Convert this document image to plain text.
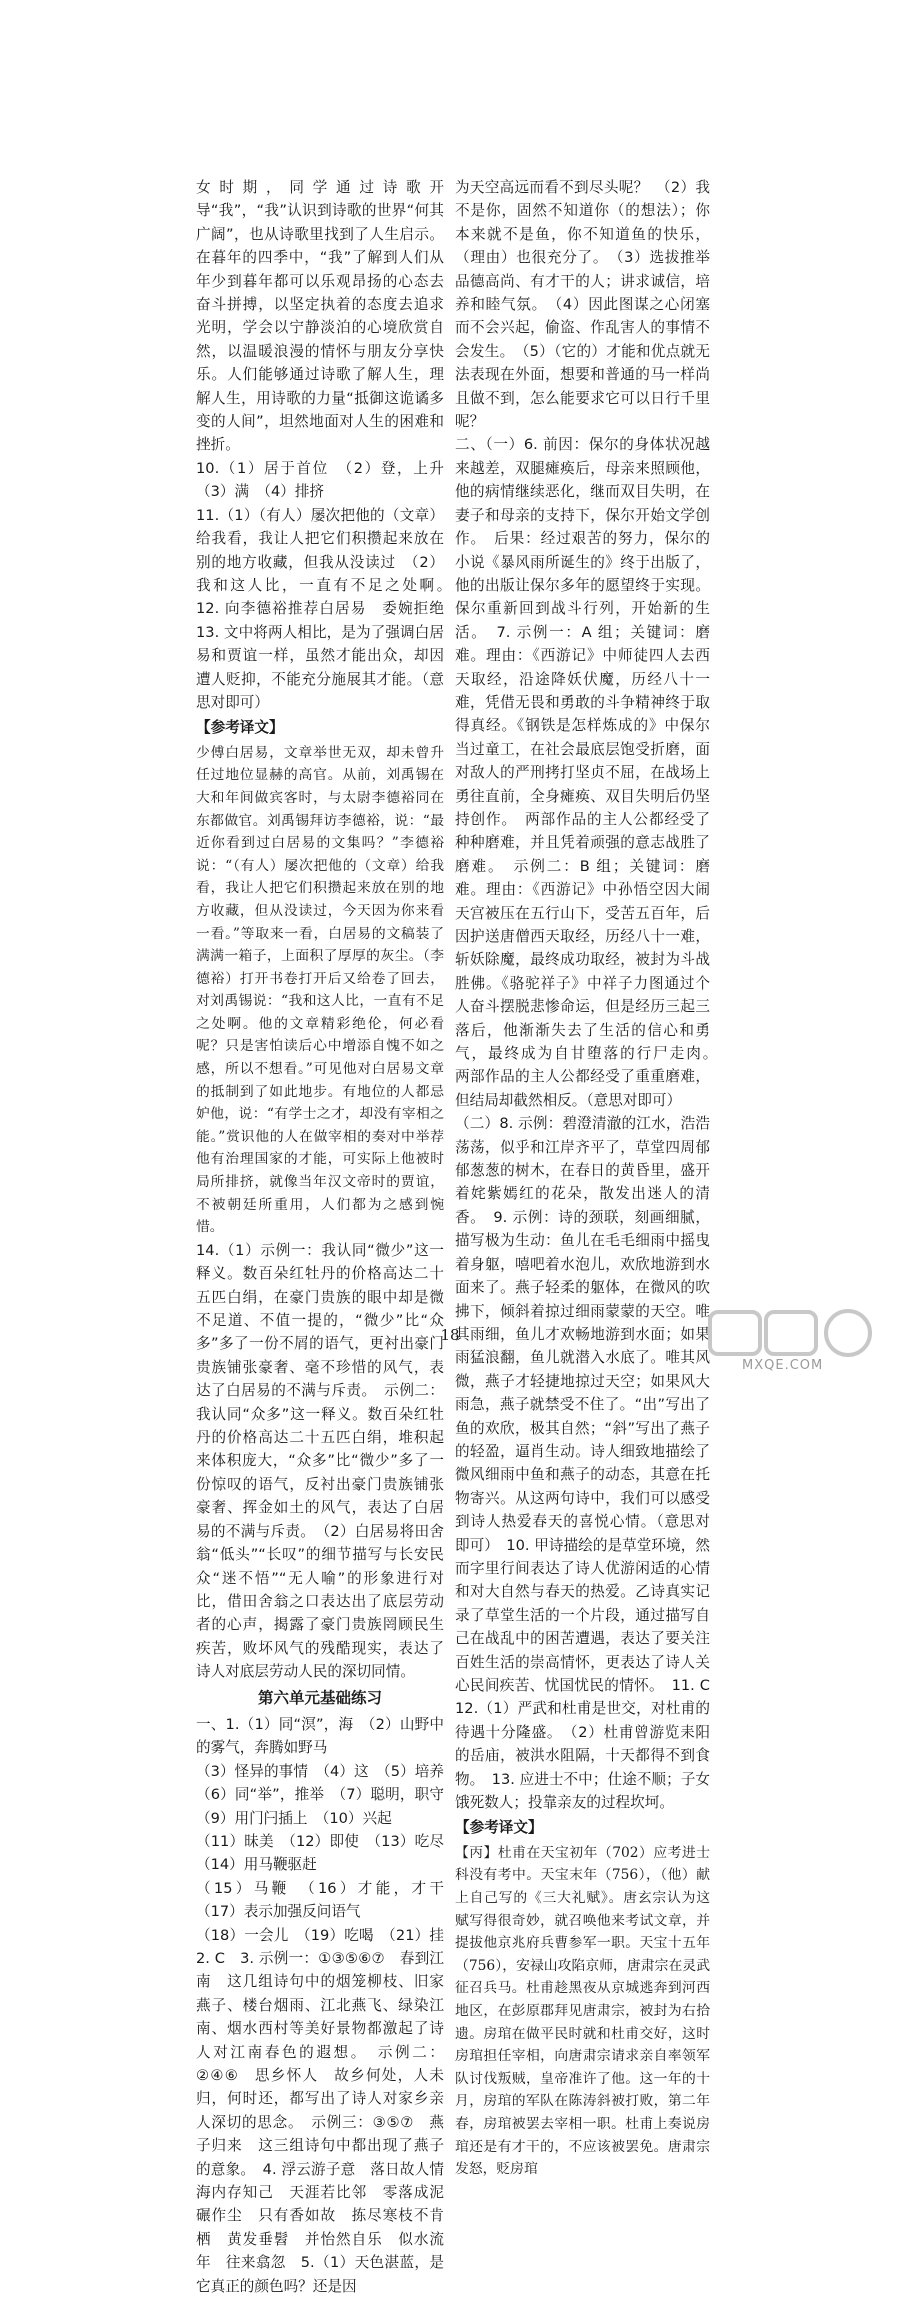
女时期，同学通过诗歌开导“我”，“我”认识到诗歌的世界“何其广阔”，也从诗歌里找到了人生启示。在暮年的四季中，“我”了解到人们从年少到暮年都可以乐观昂扬的心态去奋斗拼搏，以坚定执着的态度去追求光明，学会以宁静淡泊的心境欣赏自然，以温暖浪漫的情怀与朋友分享快乐。人们能够通过诗歌了解人生，理解人生，用诗歌的力量“抵御这诡谲多变的人间”，坦然地面对人生的困难和挫折。

10.（1）居于首位　（2）登，上升　（3）满　（4）排挤

11.（1）（有人）屡次把他的（文章）给我看，我让人把它们积攒起来放在别的地方收藏，但我从没读过　（2）我和这人比，一直有不足之处啊。　12. 向李德裕推荐白居易　委婉拒绝　13. 文中将两人相比，是为了强调白居易和贾谊一样，虽然才能出众，却因遭人贬抑，不能充分施展其才能。（意思对即可）

【参考译文】

少傅白居易，文章举世无双，却未曾升任过地位显赫的高官。从前，刘禹锡在大和年间做宾客时，与太尉李德裕同在东都做官。刘禹锡拜访李德裕，说：“最近你看到过白居易的文集吗？”李德裕说：“（有人）屡次把他的（文章）给我看，我让人把它们积攒起来放在别的地方收藏，但从没读过，今天因为你来看一看。”等取来一看，白居易的文稿装了满满一箱子，上面积了厚厚的灰尘。（李德裕）打开书卷打开后又给卷了回去，对刘禹锡说：“我和这人比，一直有不足之处啊。他的文章精彩绝伦，何必看呢？只是害怕读后心中增添自愧不如之感，所以不想看。”可见他对白居易文章的抵制到了如此地步。有地位的人都忌妒他，说：“有学士之才，却没有宰相之能。”赏识他的人在做宰相的奏对中举荐他有治理国家的才能，可实际上他被时局所排挤，就像当年汉文帝时的贾谊，不被朝廷所重用，人们都为之感到惋惜。

14.（1）示例一：我认同“微少”这一释义。数百朵红牡丹的价格高达二十五匹白绢，在豪门贵族的眼中却是微不足道、不值一提的，“微少”比“众多”多了一份不屑的语气，更衬出豪门贵族铺张豪奢、毫不珍惜的风气，表达了白居易的不满与斥责。　示例二：我认同“众多”这一释义。数百朵红牡丹的价格高达二十五匹白绢，堆积起来体积庞大，“众多”比“微少”多了一份惊叹的语气，反衬出豪门贵族铺张豪奢、挥金如土的风气，表达了白居易的不满与斥责。　（2）白居易将田舍翁“低头”“长叹”的细节描写与长安民众“迷不悟”“无人喻”的形象进行对比，借田舍翁之口表达出了底层劳动者的心声，揭露了豪门贵族罔顾民生疾苦，败坏风气的残酷现实，表达了诗人对底层劳动人民的深切同情。

第六单元基础练习

一、1.（1）同“溟”，海　（2）山野中的雾气，奔腾如野马

（3）怪异的事情　（4）这　（5）培养　（6）同“举”，推举　（7）聪明，职守　（9）用门闩插上　（10）兴起

（11）昧美　（12）即使　（13）吃尽　（14）用马鞭驱赶

（15）马鞭　（16）才能，才干　（17）表示加强反问语气

（18）一会儿　（19）吃喝　（21）挂　2. C　3. 示例一：①③⑤⑥⑦　春到江南　这几组诗句中的烟笼柳枝、旧家燕子、楼台烟雨、江北燕飞、绿染江南、烟水西村等美好景物都激起了诗人对江南春色的遐想。　示例二：②④⑥　思乡怀人　故乡何处，人未归，何时还，都写出了诗人对家乡亲人深切的思念。　示例三：③⑤⑦　燕子归来　这三组诗句中都出现了燕子的意象。　4. 浮云游子意　落日故人情　海内存知己　天涯若比邻　零落成泥碾作尘　只有香如故　拣尽寒枝不肯栖　黄发垂髫　并怡然自乐　似水流年　往来翕忽　5.（1）天色湛蓝，是它真正的颜色吗？还是因

为天空高远而看不到尽头呢？　（2）我不是你，固然不知道你（的想法）；你本来就不是鱼，你不知道鱼的快乐，（理由）也很充分了。　（3）选拔推举品德高尚、有才干的人；讲求诚信，培养和睦气氛。　（4）因此图谋之心闭塞而不会兴起，偷盗、作乱害人的事情不会发生。　（5）（它的）才能和优点就无法表现在外面，想要和普通的马一样尚且做不到，怎么能要求它可以日行千里呢？

二、（一）6. 前因：保尔的身体状况越来越差，双腿瘫痪后，母亲来照顾他，他的病情继续恶化，继而双目失明，在妻子和母亲的支持下，保尔开始文学创作。　后果：经过艰苦的努力，保尔的小说《暴风雨所诞生的》终于出版了，他的出版让保尔多年的愿望终于实现。保尔重新回到战斗行列，开始新的生活。　7. 示例一：A 组；关键词：磨难。理由：《西游记》中师徒四人去西天取经，沿途降妖伏魔，历经八十一难，凭借无畏和勇敢的斗争精神终于取得真经。《钢铁是怎样炼成的》中保尔当过童工，在社会最底层饱受折磨，面对敌人的严刑拷打坚贞不屈，在战场上勇往直前，全身瘫痪、双目失明后仍坚持创作。　两部作品的主人公都经受了种种磨难，并且凭着顽强的意志战胜了磨难。　示例二：B 组；关键词：磨难。理由：《西游记》中孙悟空因大闹天宫被压在五行山下，受苦五百年，后因护送唐僧西天取经，历经八十一难，斩妖除魔，最终成功取经，被封为斗战胜佛。《骆驼祥子》中祥子力图通过个人奋斗摆脱悲惨命运，但是经历三起三落后，他渐渐失去了生活的信心和勇气，最终成为自甘堕落的行尸走肉。　两部作品的主人公都经受了重重磨难，但结局却截然相反。（意思对即可）

（二）8. 示例：碧澄清澈的江水，浩浩荡荡，似乎和江岸齐平了，草堂四周郁郁葱葱的树木，在春日的黄昏里，盛开着姹紫嫣红的花朵，散发出迷人的清香。　9. 示例：诗的颈联，刻画细腻，描写极为生动：鱼儿在毛毛细雨中摇曳着身躯，嘻吧着水泡儿，欢欣地游到水面来了。燕子轻柔的躯体，在微风的吹拂下，倾斜着掠过细雨蒙蒙的天空。唯其雨细，鱼儿才欢畅地游到水面；如果雨猛浪翻，鱼儿就潜入水底了。唯其风微，燕子才轻捷地掠过天空；如果风大雨急，燕子就禁受不住了。“出”写出了鱼的欢欣，极其自然；“斜”写出了燕子的轻盈，逼肖生动。诗人细致地描绘了微风细雨中鱼和燕子的动态，其意在托物寄兴。从这两句诗中，我们可以感受到诗人热爱春天的喜悦心情。（意思对即可）　10. 甲诗描绘的是草堂环境，然而字里行间表达了诗人优游闲适的心情和对大自然与春天的热爱。乙诗真实记录了草堂生活的一个片段，通过描写自己在战乱中的困苦遭遇，表达了要关注百姓生活的崇高情怀，更表达了诗人关心民间疾苦、忧国忧民的情怀。　11. C　12.（1）严武和杜甫是世交，对杜甫的待遇十分隆盛。　（2）杜甫曾游览耒阳的岳庙，被洪水阻隔，十天都得不到食物。　13. 应进士不中；仕途不顺；子女饿死数人；投靠亲友的过程坎坷。

【参考译文】

【丙】杜甫在天宝初年（702）应考进士科没有考中。天宝末年（756），（他）献上自己写的《三大礼赋》。唐玄宗认为这赋写得很奇妙，就召唤他来考试文章，并提拔他京兆府兵曹参军一职。天宝十五年（756），安禄山攻陷京师，唐肃宗在灵武征召兵马。杜甫趁黑夜从京城逃奔到河西地区，在彭原郡拜见唐肃宗，被封为右拾遗。房琯在做平民时就和杜甫交好，这时房琯担任宰相，向唐肃宗请求亲自率领军队讨伐叛贼，皇帝准许了他。这一年的十月，房琯的军队在陈涛斜被打败，第二年春，房琯被罢去宰相一职。杜甫上奏说房琯还是有才干的，不应该被罢免。唐肃宗发怒，贬房琯

18
MXQE.COM
